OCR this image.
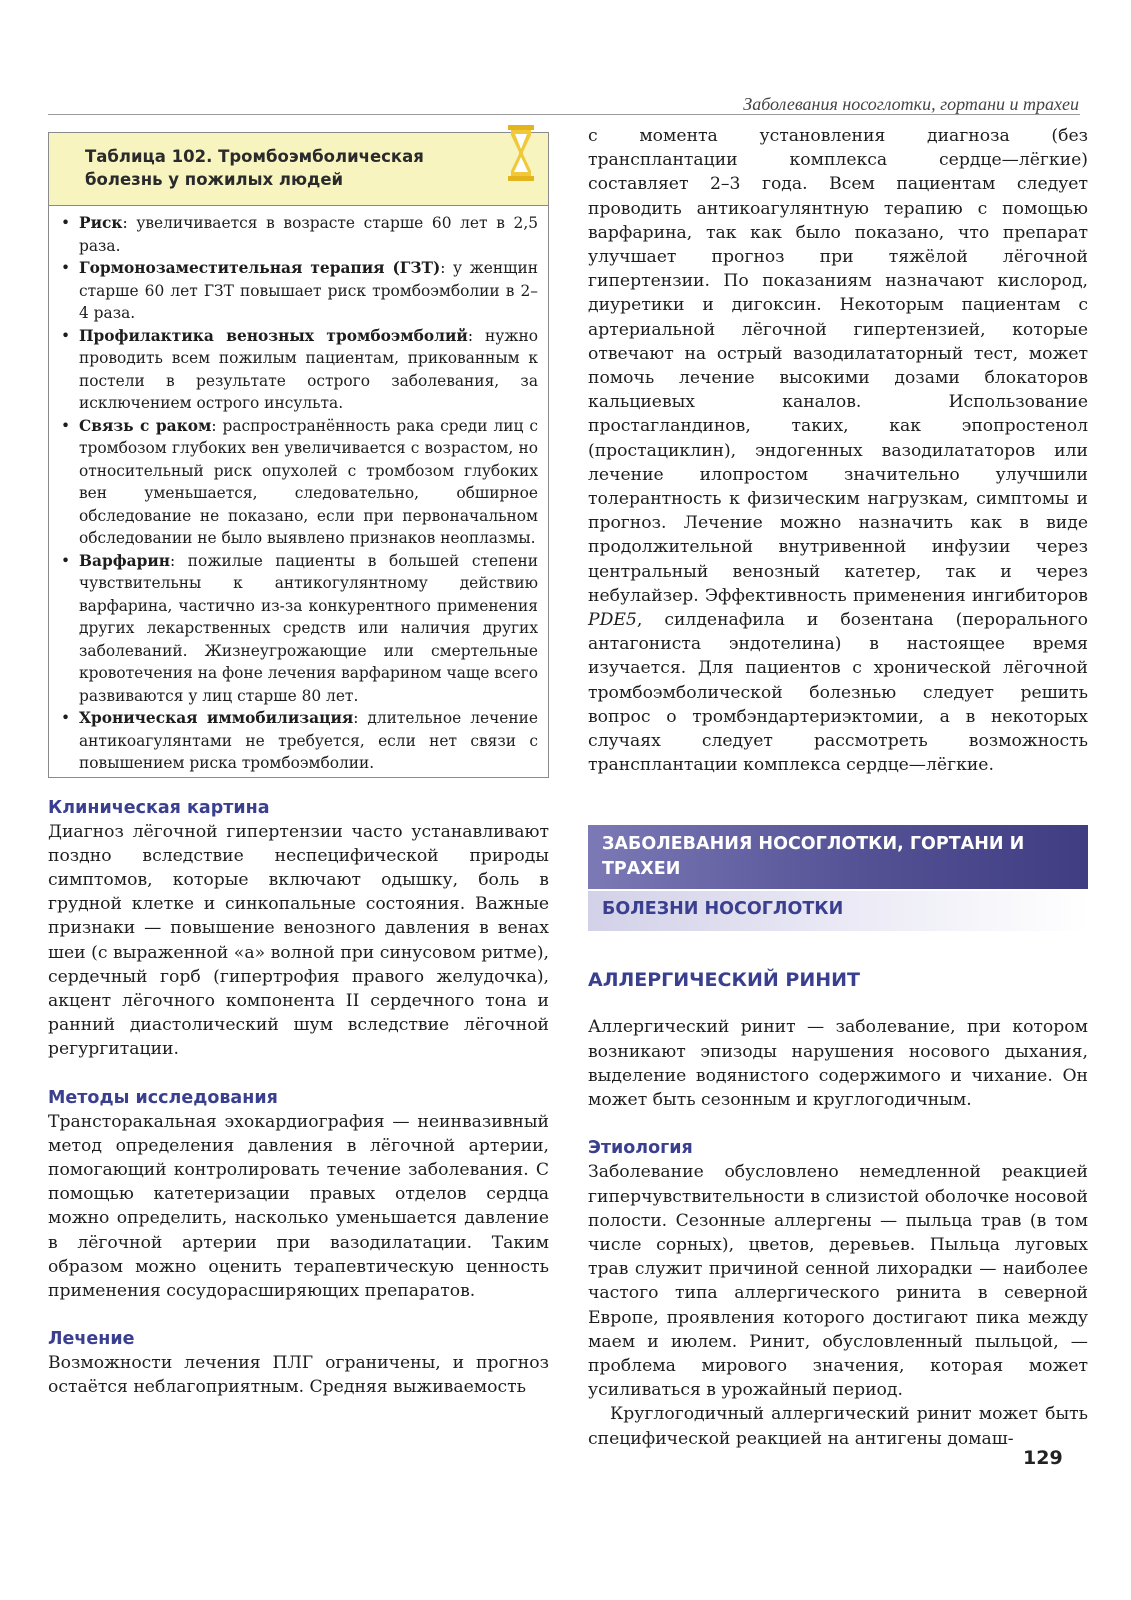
Заболевания носоглотки, гортани и трахеи
Таблица 102. Тромбоэмболическая болезнь у пожилых людей
• Риск: увеличивается в возрасте старше 60 лет в 2,5 раза.
• Гормонозаместительная терапия (ГЗТ): у женщин старше 60 лет ГЗТ повышает риск тромбоэмболии в 2–4 раза.
• Профилактика венозных тромбоэмболий: нужно проводить всем пожилым пациентам, прикованным к постели в результате острого заболевания, за исключением острого инсульта.
• Связь с раком: распространённость рака среди лиц с тромбозом глубоких вен увеличивается с возрастом, но относительный риск опухолей с тромбозом глубоких вен уменьшается, следовательно, обширное обследование не показано, если при первоначальном обследовании не было выявлено признаков неоплазмы.
• Варфарин: пожилые пациенты в большей степени чувствительны к антикогулянтному действию варфарина, частично из-за конкурентного применения других лекарственных средств или наличия других заболеваний. Жизнеугрожающие или смертельные кровотечения на фоне лечения варфарином чаще всего развиваются у лиц старше 80 лет.
• Хроническая иммобилизация: длительное лечение антикоагулянтами не требуется, если нет связи с повышением риска тромбоэмболии.
Клиническая картина

Диагноз лёгочной гипертензии часто устанавливают поздно вследствие неспецифической природы симптомов, которые включают одышку, боль в грудной клетке и синкопальные состояния. Важные признаки — повышение венозного давления в венах шеи (с выраженной «а» волной при синусовом ритме), сердечный горб (гипертрофия правого желудочка), акцент лёгочного компонента II сердечного тона и ранний диастолический шум вследствие лёгочной регургитации.

Методы исследования

Трансторакальная эхокардиография — неинвазивный метод определения давления в лёгочной артерии, помогающий контролировать течение заболевания. С помощью катетеризации правых отделов сердца можно определить, насколько уменьшается давление в лёгочной артерии при вазодилатации. Таким образом можно оценить терапевтическую ценность применения сосудорасширяющих препаратов.

Лечение

Возможности лечения ПЛГ ограничены, и прогноз остаётся неблагоприятным. Средняя выживаемость

с момента установления диагноза (без трансплантации комплекса сердце—лёгкие) составляет 2–3 года. Всем пациентам следует проводить антикоагулянтную терапию с помощью варфарина, так как было показано, что препарат улучшает прогноз при тяжёлой лёгочной гипертензии. По показаниям назначают кислород, диуретики и дигоксин. Некоторым пациентам с артериальной лёгочной гипертензией, которые отвечают на острый вазодилататорный тест, может помочь лечение высокими дозами блокаторов кальциевых каналов. Использование простагландинов, таких, как эпопростенол (простациклин), эндогенных вазодилататоров или лечение илопростом значительно улучшили толерантность к физическим нагрузкам, симптомы и прогноз. Лечение можно назначить как в виде продолжительной внутривенной инфузии через центральный венозный катетер, так и через небулайзер. Эффективность применения ингибиторов PDE5, силденафила и бозентана (перорального антагониста эндотелина) в настоящее время изучается. Для пациентов с хронической лёгочной тромбоэмболической болезнью следует решить вопрос о тромбэндартериэктомии, а в некоторых случаях следует рассмотреть возможность трансплантации комплекса сердце—лёгкие.

ЗАБОЛЕВАНИЯ НОСОГЛОТКИ, ГОРТАНИ И ТРАХЕИ
БОЛЕЗНИ НОСОГЛОТКИ
АЛЛЕРГИЧЕСКИЙ РИНИТ

Аллергический ринит — заболевание, при котором возникают эпизоды нарушения носового дыхания, выделение водянистого содержимого и чихание. Он может быть сезонным и круглогодичным.

Этиология

Заболевание обусловлено немедленной реакцией гиперчувствительности в слизистой оболочке носовой полости. Сезонные аллергены — пыльца трав (в том числе сорных), цветов, деревьев. Пыльца луговых трав служит причиной сенной лихорадки — наиболее частого типа аллергического ринита в северной Европе, проявления которого достигают пика между маем и июлем. Ринит, обусловленный пыльцой, — проблема мирового значения, которая может усиливаться в урожайный период.

Круглогодичный аллергический ринит может быть специфической реакцией на антигены домаш-

129
